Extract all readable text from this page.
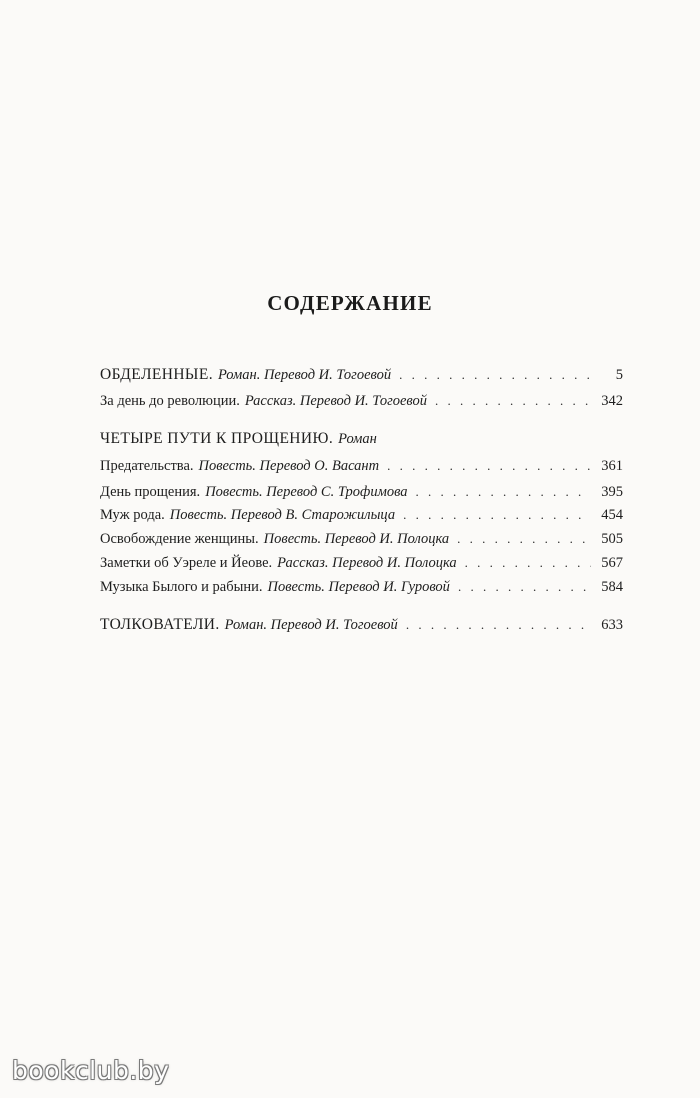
СОДЕРЖАНИЕ
ОБДЕЛЕННЫЕ. Роман. Перевод И. Тогоевой . . .	5
За день до революции. Рассказ. Перевод И. Тогоевой . . .	342
ЧЕТЫРЕ ПУТИ К ПРОЩЕНИЮ. Роман
Предательства. Повесть. Перевод О. Васант . . .	361
День прощения. Повесть. Перевод С. Трофимова . . .	395
Муж рода. Повесть. Перевод В. Старожилыца . . .	454
Освобождение женщины. Повесть. Перевод И. Полоцка . . .	505
Заметки об Уэреле и Йеове. Рассказ. Перевод И. Полоцка . . .	567
Музыка Былого и рабыни. Повесть. Перевод И. Гуровой . . .	584
ТОЛКОВАТЕЛИ. Роман. Перевод И. Тогоевой . . .	633
bookclub.by
